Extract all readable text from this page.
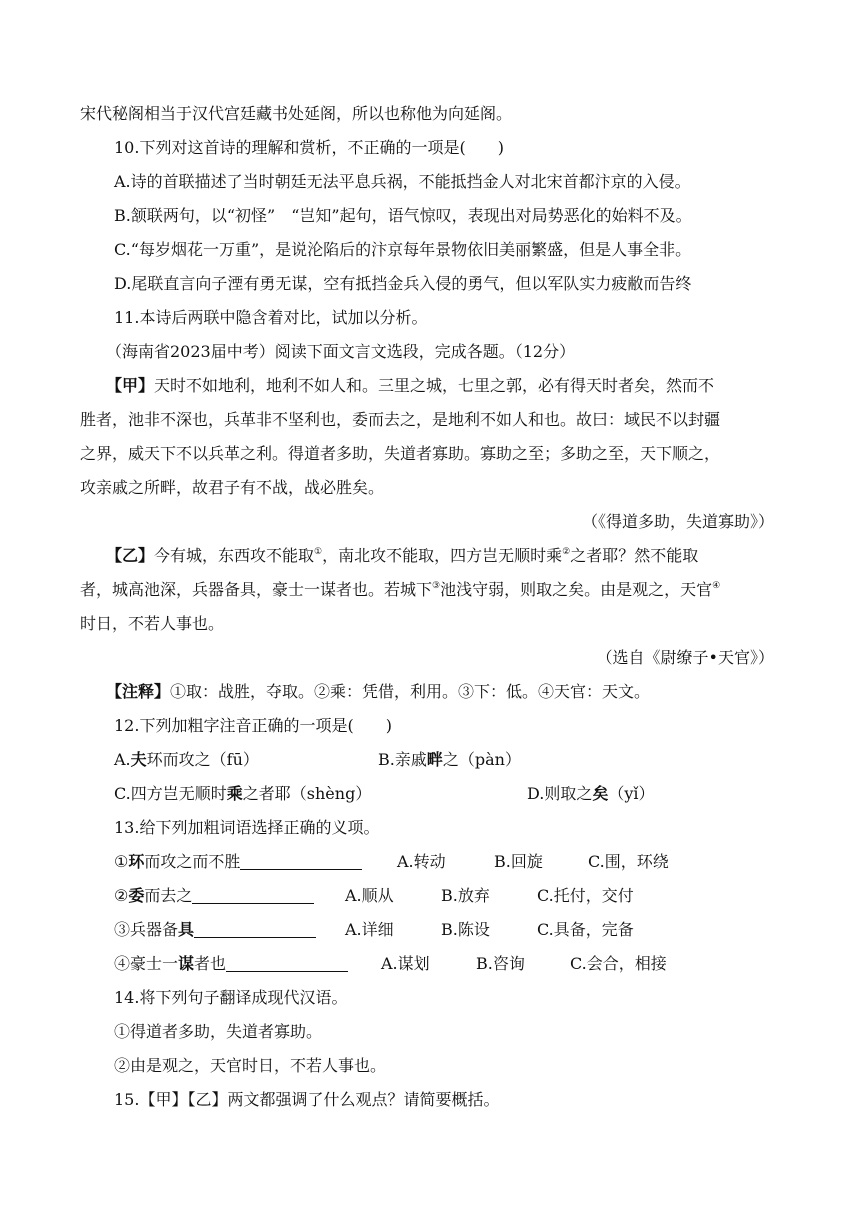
宋代秘阁相当于汉代宫廷藏书处延阁，所以也称他为向延阁。
10.下列对这首诗的理解和赏析，不正确的一项是(　　)
A.诗的首联描述了当时朝廷无法平息兵祸，不能抵挡金人对北宋首都汴京的入侵。
B.颔联两句，以“初怪”　“岂知”起句，语气惊叹，表现出对局势恶化的始料不及。
C.“每岁烟花一万重”，是说沦陷后的汴京每年景物依旧美丽繁盛，但是人事全非。
D.尾联直言向子湮有勇无谋，空有抵挡金兵入侵的勇气，但以军队实力疲敝而告终
11.本诗后两联中隐含着对比，试加以分析。
（海南省2023届中考）阅读下面文言文选段，完成各题。（12分）
【甲】天时不如地利，地利不如人和。三里之城，七里之郭，必有得天时者矣，然而不
胜者，池非不深也，兵革非不坚利也，委而去之，是地利不如人和也。故曰：域民不以封疆
之界，威天下不以兵革之利。得道者多助，失道者寡助。寡助之至；多助之至，天下顺之，
攻亲戚之所畔，故君子有不战，战必胜矣。
（《得道多助，失道寡助》）
【乙】今有城，东西攻不能取①，南北攻不能取，四方岂无顺时乘②之者耶？然不能取
者，城高池深，兵器备具，豪士一谋者也。若城下③池浅守弱，则取之矣。由是观之，天官④
时日，不若人事也。
（选自《尉缭子•天官》）
【注释】①取：战胜，夺取。②乘：凭借，利用。③下：低。④天官：天文。
12.下列加粗字注音正确的一项是(　　)
A.夫环而攻之（fū）	B.亲戚畔之（pàn）
C.四方岂无顺时乘之者耶（shèng）	D.则取之矣（yǐ）
13.给下列加粗词语选择正确的义项。
①环而攻之而不胜	A.转动	B.回旋	C.围，环绕
②委而去之	A.顺从	B.放弃	C.托付，交付
③兵器备具	A.详细	B.陈设	C.具备，完备
④豪士一谋者也	A.谋划	B.咨询	C.会合，相接
14.将下列句子翻译成现代汉语。
①得道者多助，失道者寡助。
②由是观之，天官时日，不若人事也。
15.【甲】【乙】两文都强调了什么观点？请简要概括。
